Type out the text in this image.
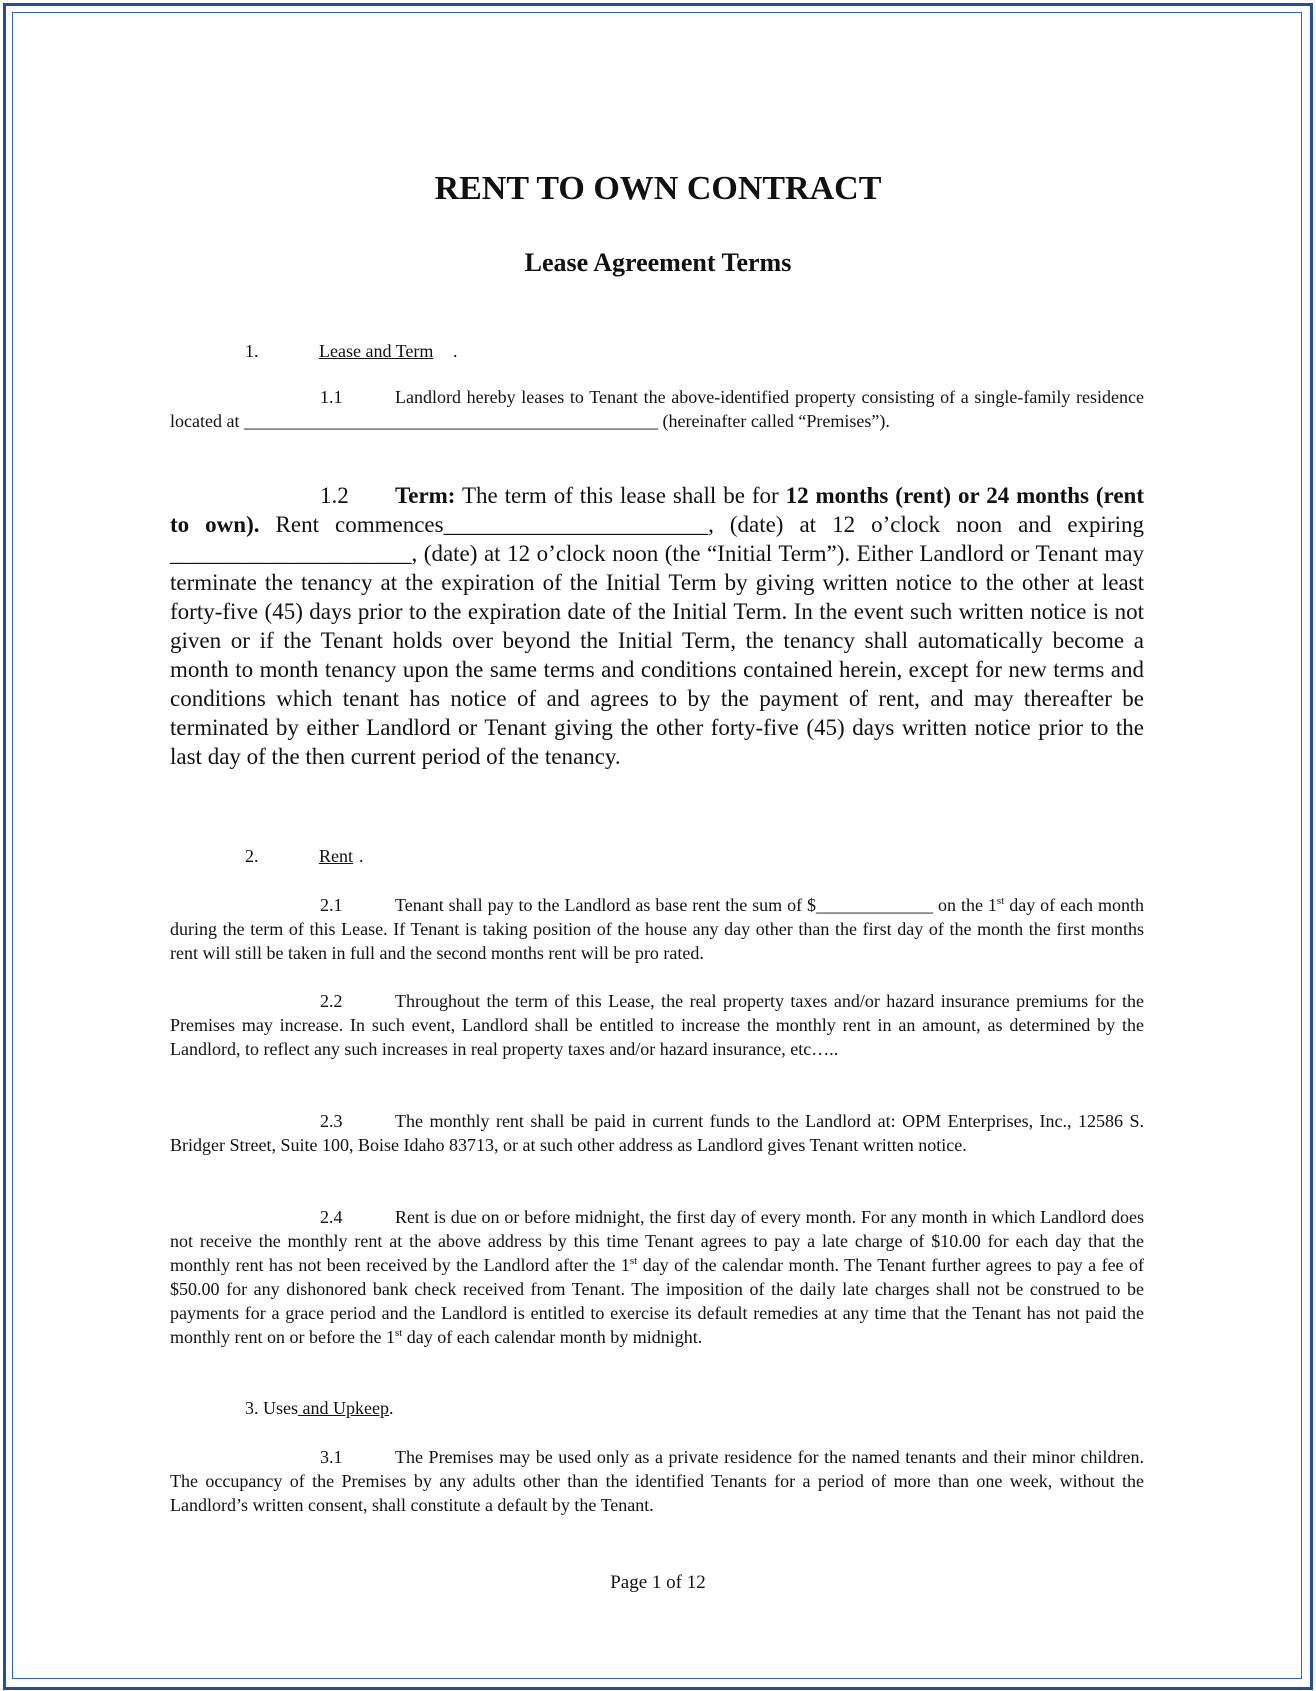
RENT TO OWN CONTRACT
Lease Agreement Terms
1.	Lease and Term .
1.1	Landlord hereby leases to Tenant the above-identified property consisting of a single-family residence located at ______________________________________________ (hereinafter called “Premises”).
1.2 Term: The term of this lease shall be for 12 months (rent) or 24 months (rent to own). Rent commences_______________________, (date) at 12 o’clock noon and expiring _____________________, (date) at 12 o’clock noon (the “Initial Term”). Either Landlord or Tenant may terminate the tenancy at the expiration of the Initial Term by giving written notice to the other at least forty-five (45) days prior to the expiration date of the Initial Term. In the event such written notice is not given or if the Tenant holds over beyond the Initial Term, the tenancy shall automatically become a month to month tenancy upon the same terms and conditions contained herein, except for new terms and conditions which tenant has notice of and agrees to by the payment of rent, and may thereafter be terminated by either Landlord or Tenant giving the other forty-five (45) days written notice prior to the last day of the then current period of the tenancy.
2.	Rent .
2.1	Tenant shall pay to the Landlord as base rent the sum of $_____________ on the 1st day of each month during the term of this Lease. If Tenant is taking position of the house any day other than the first day of the month the first months rent will still be taken in full and the second months rent will be pro rated.
2.2	Throughout the term of this Lease, the real property taxes and/or hazard insurance premiums for the Premises may increase. In such event, Landlord shall be entitled to increase the monthly rent in an amount, as determined by the Landlord, to reflect any such increases in real property taxes and/or hazard insurance, etc…..
2.3	The monthly rent shall be paid in current funds to the Landlord at: OPM Enterprises, Inc., 12586 S. Bridger Street, Suite 100, Boise Idaho 83713, or at such other address as Landlord gives Tenant written notice.
2.4	Rent is due on or before midnight, the first day of every month. For any month in which Landlord does not receive the monthly rent at the above address by this time Tenant agrees to pay a late charge of $10.00 for each day that the monthly rent has not been received by the Landlord after the 1st day of the calendar month. The Tenant further agrees to pay a fee of $50.00 for any dishonored bank check received from Tenant. The imposition of the daily late charges shall not be construed to be payments for a grace period and the Landlord is entitled to exercise its default remedies at any time that the Tenant has not paid the monthly rent on or before the 1st day of each calendar month by midnight.
3. Uses and Upkeep.
3.1	The Premises may be used only as a private residence for the named tenants and their minor children. The occupancy of the Premises by any adults other than the identified Tenants for a period of more than one week, without the Landlord’s written consent, shall constitute a default by the Tenant.
Page 1 of 12
